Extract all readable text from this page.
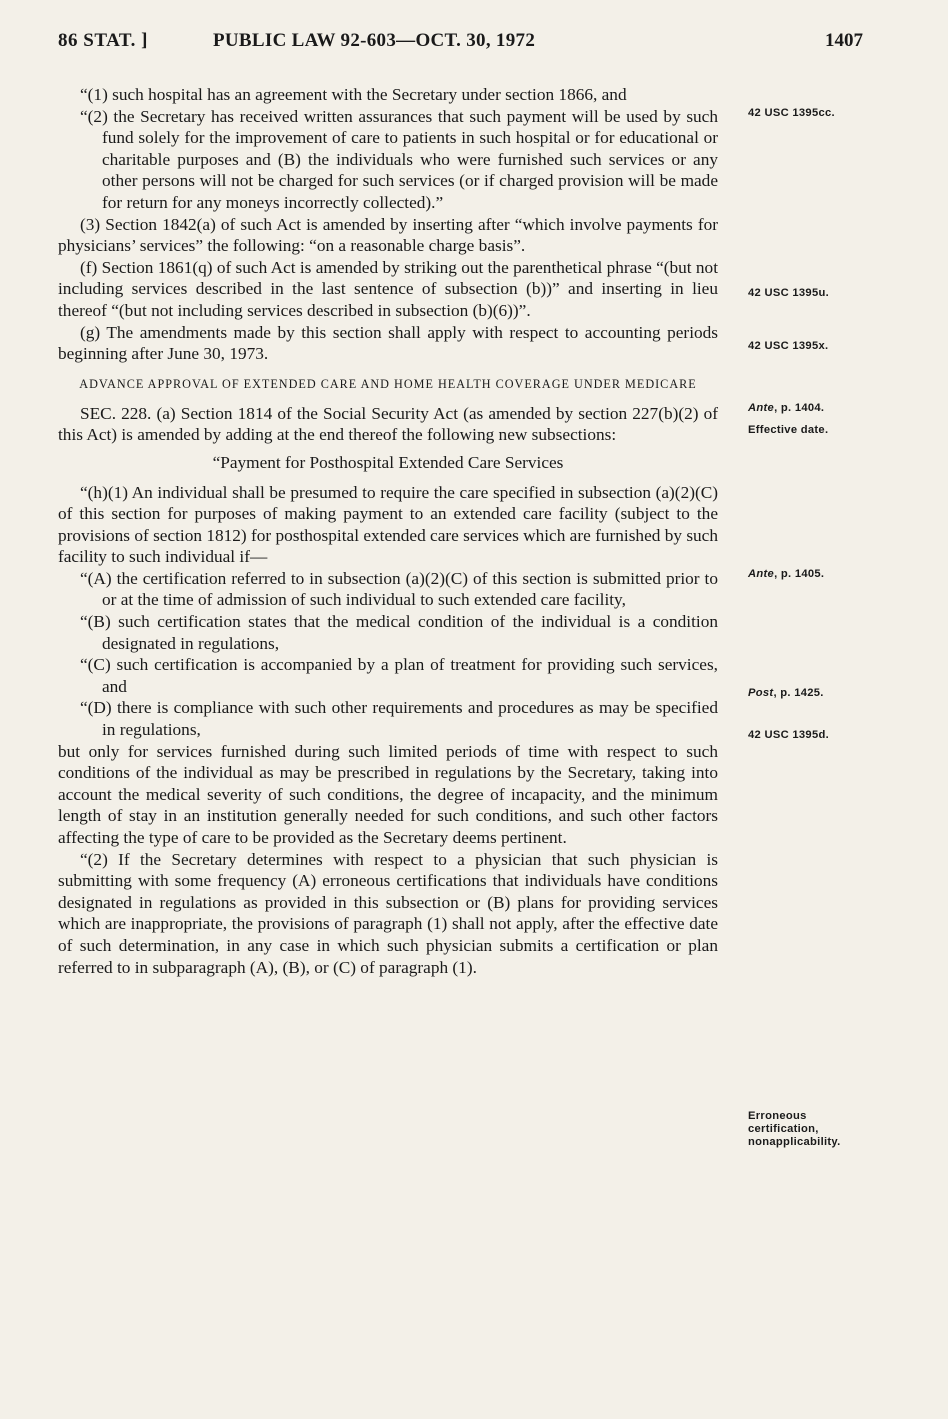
86 STAT. ]	PUBLIC LAW 92-603—OCT. 30, 1972	1407

“(1) such hospital has an agreement with the Secretary under section 1866, and

“(2) the Secretary has received written assurances that such payment will be used by such fund solely for the improvement of care to patients in such hospital or for educational or charitable purposes and (B) the individuals who were furnished such services or any other persons will not be charged for such services (or if charged provision will be made for return for any moneys incorrectly collected).”

(3) Section 1842(a) of such Act is amended by inserting after “which involve payments for physicians’ services” the following: “on a reasonable charge basis”.

(f) Section 1861(q) of such Act is amended by striking out the parenthetical phrase “(but not including services described in the last sentence of subsection (b))” and inserting in lieu thereof “(but not including services described in subsection (b)(6))”.

(g) The amendments made by this section shall apply with respect to accounting periods beginning after June 30, 1973.

ADVANCE APPROVAL OF EXTENDED CARE AND HOME HEALTH COVERAGE UNDER MEDICARE

SEC. 228. (a) Section 1814 of the Social Security Act (as amended by section 227(b)(2) of this Act) is amended by adding at the end thereof the following new subsections:

“Payment for Posthospital Extended Care Services

“(h)(1) An individual shall be presumed to require the care specified in subsection (a)(2)(C) of this section for purposes of making payment to an extended care facility (subject to the provisions of section 1812) for posthospital extended care services which are furnished by such facility to such individual if—

“(A) the certification referred to in subsection (a)(2)(C) of this section is submitted prior to or at the time of admission of such individual to such extended care facility,

“(B) such certification states that the medical condition of the individual is a condition designated in regulations,

“(C) such certification is accompanied by a plan of treatment for providing such services, and

“(D) there is compliance with such other requirements and procedures as may be specified in regulations,

but only for services furnished during such limited periods of time with respect to such conditions of the individual as may be prescribed in regulations by the Secretary, taking into account the medical severity of such conditions, the degree of incapacity, and the minimum length of stay in an institution generally needed for such conditions, and such other factors affecting the type of care to be provided as the Secretary deems pertinent.

“(2) If the Secretary determines with respect to a physician that such physician is submitting with some frequency (A) erroneous certifications that individuals have conditions designated in regulations as provided in this subsection or (B) plans for providing services which are inappropriate, the provisions of paragraph (1) shall not apply, after the effective date of such determination, in any case in which such physician submits a certification or plan referred to in subparagraph (A), (B), or (C) of paragraph (1).

42 USC 1395cc.
42 USC 1395u.
42 USC 1395x.
Ante, p. 1404.
Effective date.
Ante, p. 1405.
Post, p. 1425.
42 USC 1395d.
Erroneous certification, nonapplicability.
